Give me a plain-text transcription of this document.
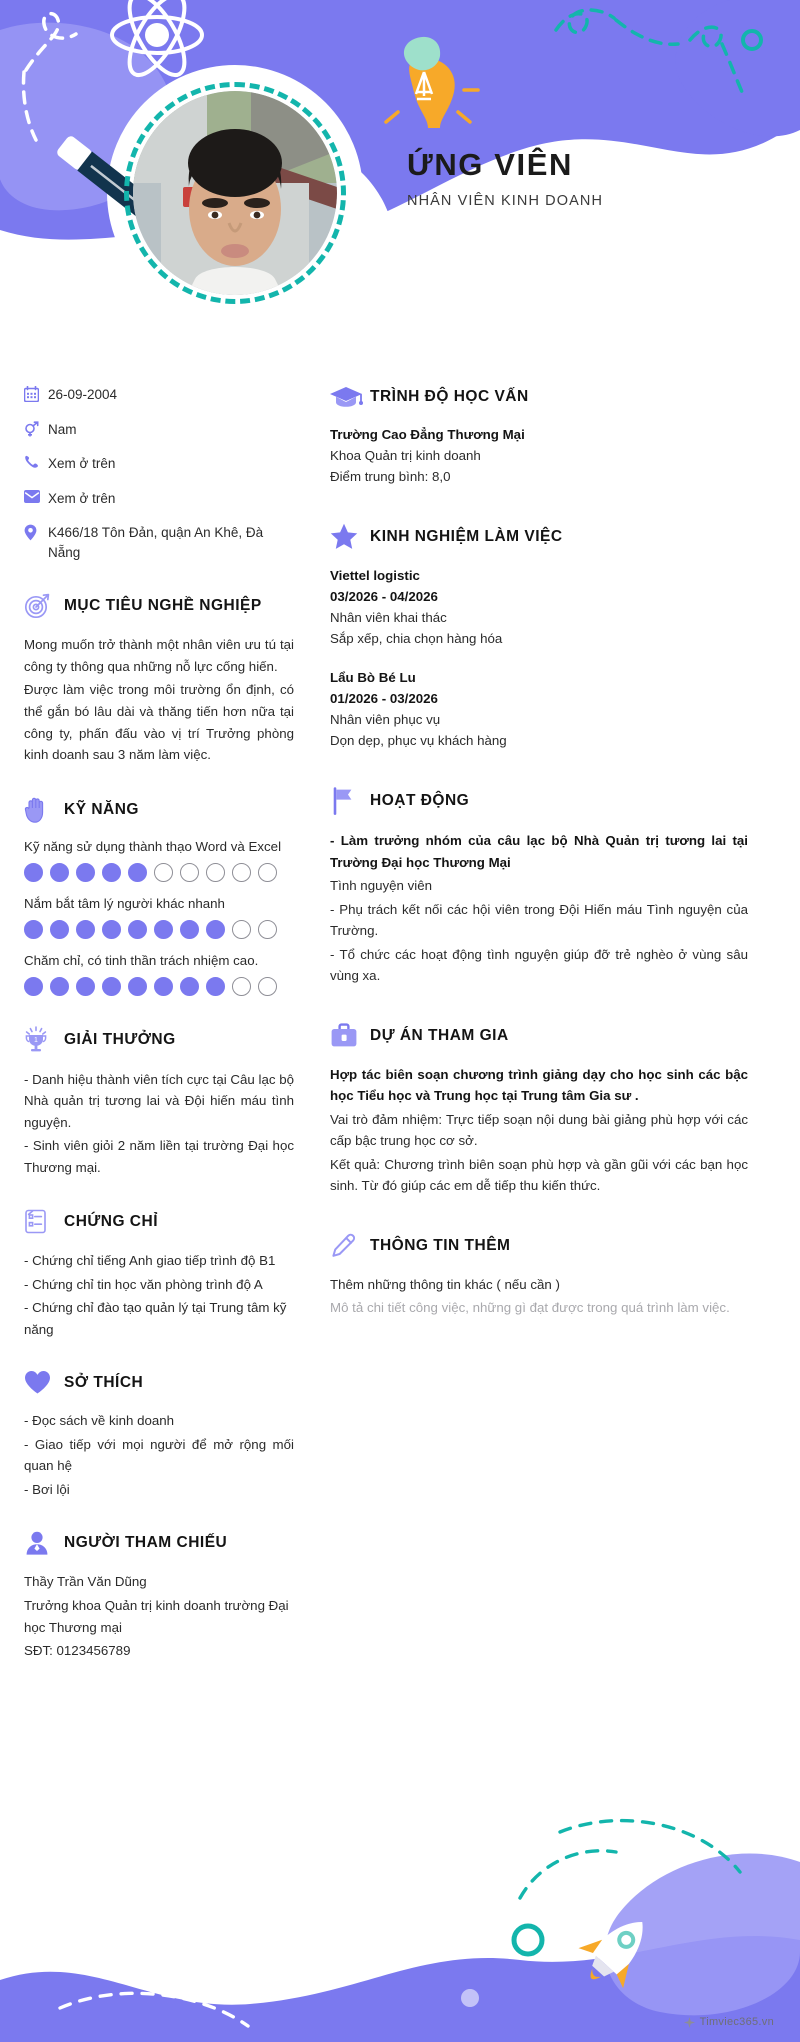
ỨNG VIÊN
NHÂN VIÊN KINH DOANH
26-09-2004
Nam
Xem ở trên
Xem ở trên
K466/18 Tôn Đản, quận An Khê, Đà Nẵng
MỤC TIÊU NGHỀ NGHIỆP

Mong muốn trở thành một nhân viên ưu tú tại công ty thông qua những nỗ lực cống hiến.

Được làm việc trong môi trường ổn định, có thể gắn bó lâu dài và thăng tiến hơn nữa tại công ty, phấn đấu vào vị trí Trưởng phòng kinh doanh sau 3 năm làm việc.

KỸ NĂNG
Kỹ năng sử dụng thành thạo Word và Excel
Nắm bắt tâm lý người khác nhanh
Chăm chỉ, có tinh thần trách nhiệm cao.
1 GIẢI THƯỞNG

- Danh hiệu thành viên tích cực tại Câu lạc bộ Nhà quản trị tương lai và Đội hiến máu tình nguyện.

- Sinh viên giỏi 2 năm liền tại trường Đại học Thương mại.

CHỨNG CHỈ

- Chứng chỉ tiếng Anh giao tiếp trình độ B1

- Chứng chỉ tin học văn phòng trình độ A

- Chứng chỉ đào tạo quản lý tại Trung tâm kỹ năng

SỞ THÍCH

- Đọc sách về kinh doanh

- Giao tiếp với mọi người để mở rộng mối quan hệ

- Bơi lội

NGƯỜI THAM CHIẾU

Thầy Trần Văn Dũng

Trưởng khoa Quản trị kinh doanh trường Đại học Thương mại

SĐT: 0123456789

TRÌNH ĐỘ HỌC VẤN
Trường Cao Đẳng Thương Mại
Khoa Quản trị kinh doanh
Điểm trung bình: 8,0
KINH NGHIỆM LÀM VIỆC
Viettel logistic
03/2026 - 04/2026
Nhân viên khai thác
Sắp xếp, chia chọn hàng hóa
Lẩu Bò Bé Lu
01/2026 - 03/2026
Nhân viên phục vụ
Dọn dẹp, phục vụ khách hàng
HOẠT ĐỘNG

- Làm trưởng nhóm của câu lạc bộ Nhà Quản trị tương lai tại Trường Đại học Thương Mại

Tình nguyện viên

- Phụ trách kết nối các hội viên trong Đội Hiến máu Tình nguyện của Trường.

- Tổ chức các hoạt động tình nguyện giúp đỡ trẻ nghèo ở vùng sâu vùng xa.

DỰ ÁN THAM GIA

Hợp tác biên soạn chương trình giảng dạy cho học sinh các bậc học Tiểu học và Trung học tại Trung tâm Gia sư .

Vai trò đảm nhiệm: Trực tiếp soạn nội dung bài giảng phù hợp với các cấp bậc trung học cơ sở.

Kết quả: Chương trình biên soạn phù hợp và gần gũi với các bạn học sinh. Từ đó giúp các em dễ tiếp thu kiến thức.

THÔNG TIN THÊM

Thêm những thông tin khác ( nếu cần )

Mô tả chi tiết công việc, những gì đạt được trong quá trình làm việc.

Timviec365.vn
